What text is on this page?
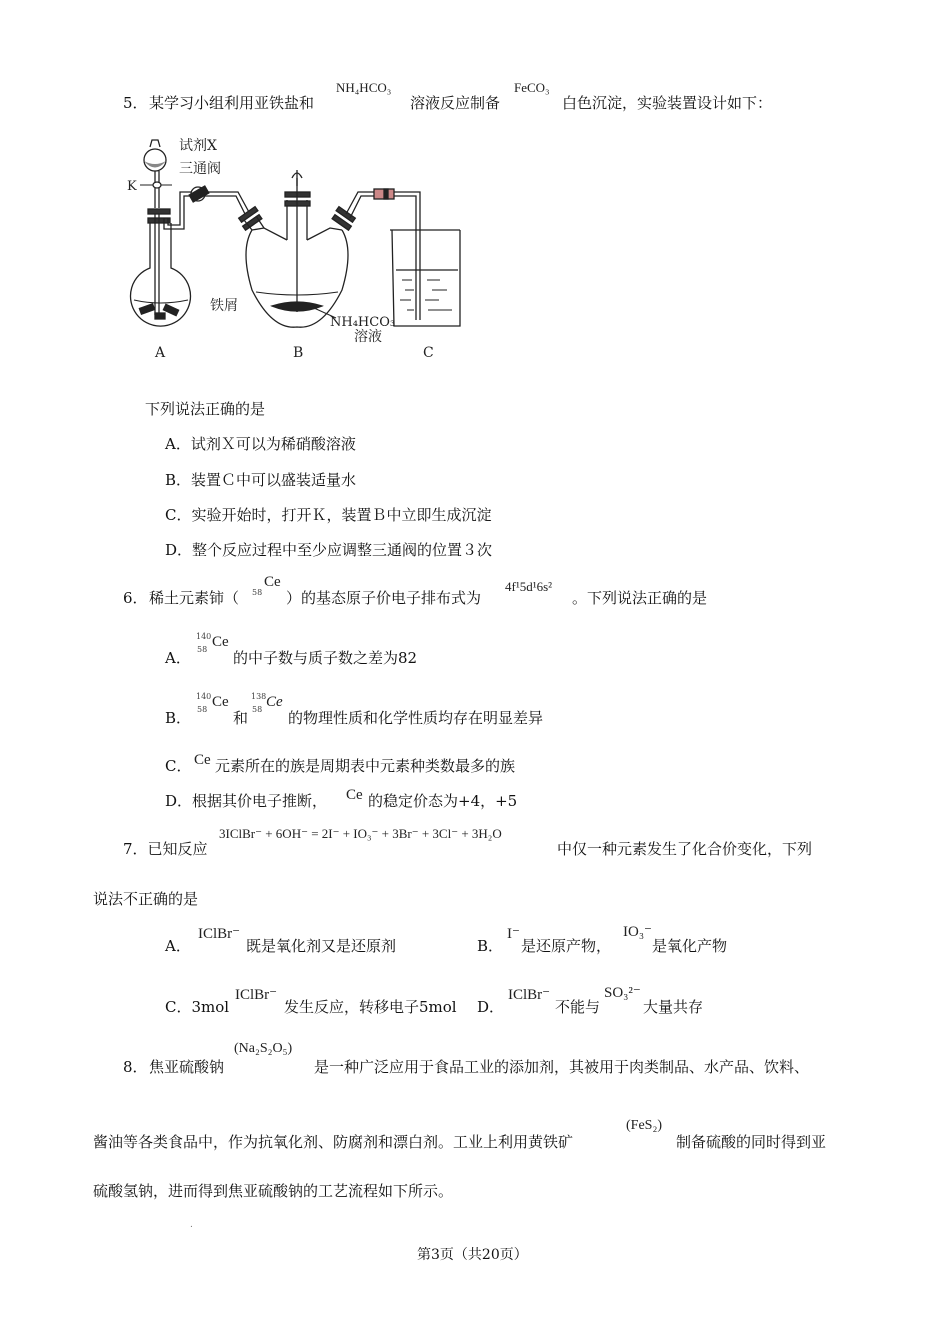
5． 某学习小组利用亚铁盐和
NH₄HCO₃
溶液反应制备
FeCO₃
白色沉淀，实验装置设计如下：
试剂X
三通阀
K
铁屑
NH₄HCO₃
溶液
A	B	C
下列说法正确的是
A．试剂Ｘ可以为稀硝酸溶液
B．装置Ｃ中可以盛装适量水
C．实验开始时，打开Ｋ，装置Ｂ中立即生成沉淀
D．整个反应过程中至少应调整三通阀的位置３次
6． 稀土元素铈（ 58
Ce
）的基态原子价电子排布式为
4f¹5d¹6s²
。下列说法正确的是
A．
140
58 Ce
的中子数与质子数之差为82
B．
140
58 Ce
和
138
58 Ce
的物理性质和化学性质均存在明显差异
C． Ce 元素所在的族是周期表中元素种类数最多的族
D．根据其价电子推断， Ce 的稳定价态为+4，+5
7．已知反应
3IClBr⁻ + 6OH⁻ = 2I⁻ + IO₃⁻ + 3Br⁻ + 3Cl⁻ + 3H₂O
中仅一种元素发生了化合价变化，下列
说法不正确的是
A．
IClBr⁻
既是氧化剂又是还原剂	B．
I⁻
是还原产物，
IO₃⁻
是氧化产物
C．3mol
IClBr⁻
发生反应，转移电子5mol D．
IClBr⁻
不能与
SO₃²⁻
大量共存
8． 焦亚硫酸钠
(Na₂S₂O₅)
是一种广泛应用于食品工业的添加剂，其被用于肉类制品、水产品、饮料、
酱油等各类食品中，作为抗氧化剂、防腐剂和漂白剂。工业上利用黄铁矿
(FeS₂)
制备硫酸的同时得到亚
硫酸氢钠，进而得到焦亚硫酸钠的工艺流程如下所示。
.
第3页（共20页）
